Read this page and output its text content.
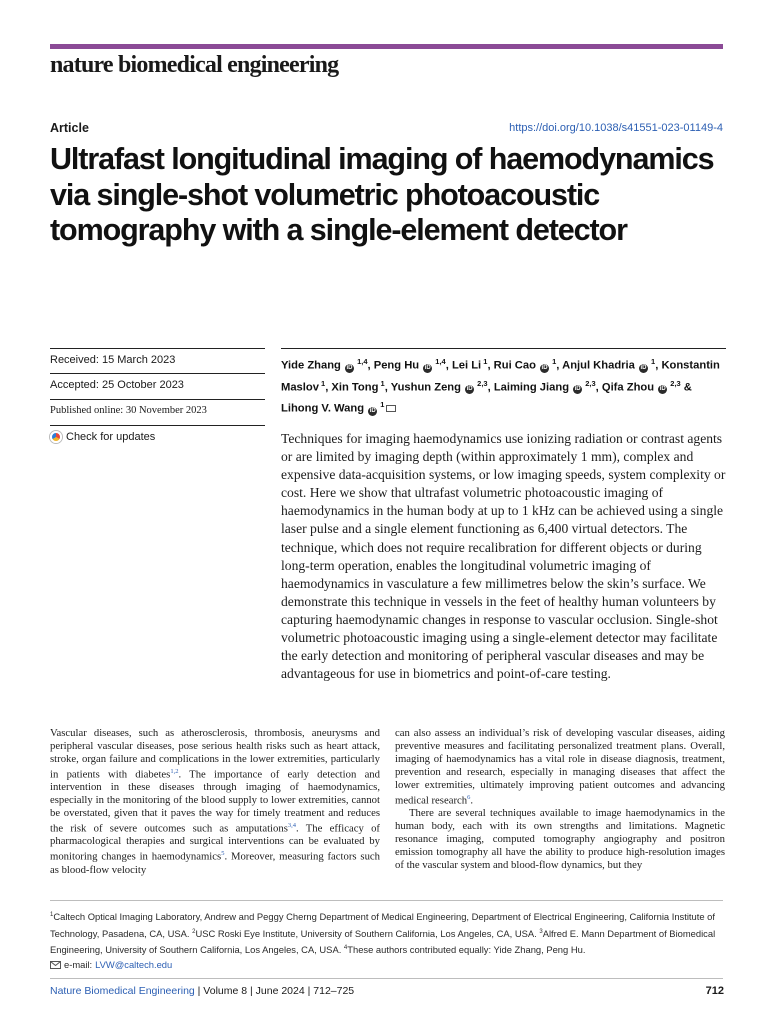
nature biomedical engineering
Article	https://doi.org/10.1038/s41551-023-01149-4
Ultrafast longitudinal imaging of haemodynamics via single-shot volumetric photoacoustic tomography with a single-element detector
Received: 15 March 2023
Accepted: 25 October 2023
Published online: 30 November 2023
Check for updates
Yide Zhang iD $^{1,4}$, Peng Hu iD $^{1,4}$, Lei Li $^1$, Rui Cao iD $^1$, Anjul Khadria iD $^1$, Konstantin Maslov $^1$, Xin Tong $^1$, Yushun Zeng iD $^{2,3}$, Laiming Jiang iD $^{2,3}$, Qifa Zhou iD $^{2,3}$ & Lihong V. Wang iD $^1$
Techniques for imaging haemodynamics use ionizing radiation or contrast agents or are limited by imaging depth (within approximately 1 mm), complex and expensive data-acquisition systems, or low imaging speeds, system complexity or cost. Here we show that ultrafast volumetric photoacoustic imaging of haemodynamics in the human body at up to 1 kHz can be achieved using a single laser pulse and a single element functioning as 6,400 virtual detectors. The technique, which does not require recalibration for different objects or during long-term operation, enables the longitudinal volumetric imaging of haemodynamics in vasculature a few millimetres below the skin’s surface. We demonstrate this technique in vessels in the feet of healthy human volunteers by capturing haemodynamic changes in response to vascular occlusion. Single-shot volumetric photoacoustic imaging using a single-element detector may facilitate the early detection and monitoring of peripheral vascular diseases and may be advantageous for use in biometrics and point-of-care testing.

Vascular diseases, such as atherosclerosis, thrombosis, aneurysms and peripheral vascular diseases, pose serious health risks such as heart attack, stroke, organ failure and complications in the lower extremities, particularly in patients with diabetes$^{1,2}$. The importance of early detection and intervention in these diseases through imaging of haemodynamics, especially in the monitoring of the blood supply to lower extremities, cannot be overstated, given that it paves the way for timely treatment and reduces the risk of severe outcomes such as amputations$^{3,4}$. The efficacy of pharmacological therapies and surgical interventions can be evaluated by monitoring changes in haemodynamics$^5$. Moreover, measuring factors such as blood-flow velocity

can also assess an individual’s risk of developing vascular diseases, aiding preventive measures and facilitating personalized treatment plans. Overall, imaging of haemodynamics has a vital role in disease diagnosis, treatment, prevention and research, especially in managing diseases that affect the lower extremities, ultimately improving patient outcomes and advancing medical research$^6$.

There are several techniques available to image haemodynamics in the human body, each with its own strengths and limitations. Magnetic resonance imaging, computed tomography angiography and positron emission tomography all have the ability to produce high-resolution images of the vascular system and blood-flow dynamics, but they

$^1$Caltech Optical Imaging Laboratory, Andrew and Peggy Cherng Department of Medical Engineering, Department of Electrical Engineering, California Institute of Technology, Pasadena, CA, USA. $^2$USC Roski Eye Institute, University of Southern California, Los Angeles, CA, USA. $^3$Alfred E. Mann Department of Biomedical Engineering, University of Southern California, Los Angeles, CA, USA. $^4$These authors contributed equally: Yide Zhang, Peng Hu.
e-mail: LVW@caltech.edu
Nature Biomedical Engineering | Volume 8 | June 2024 | 712–725	712
